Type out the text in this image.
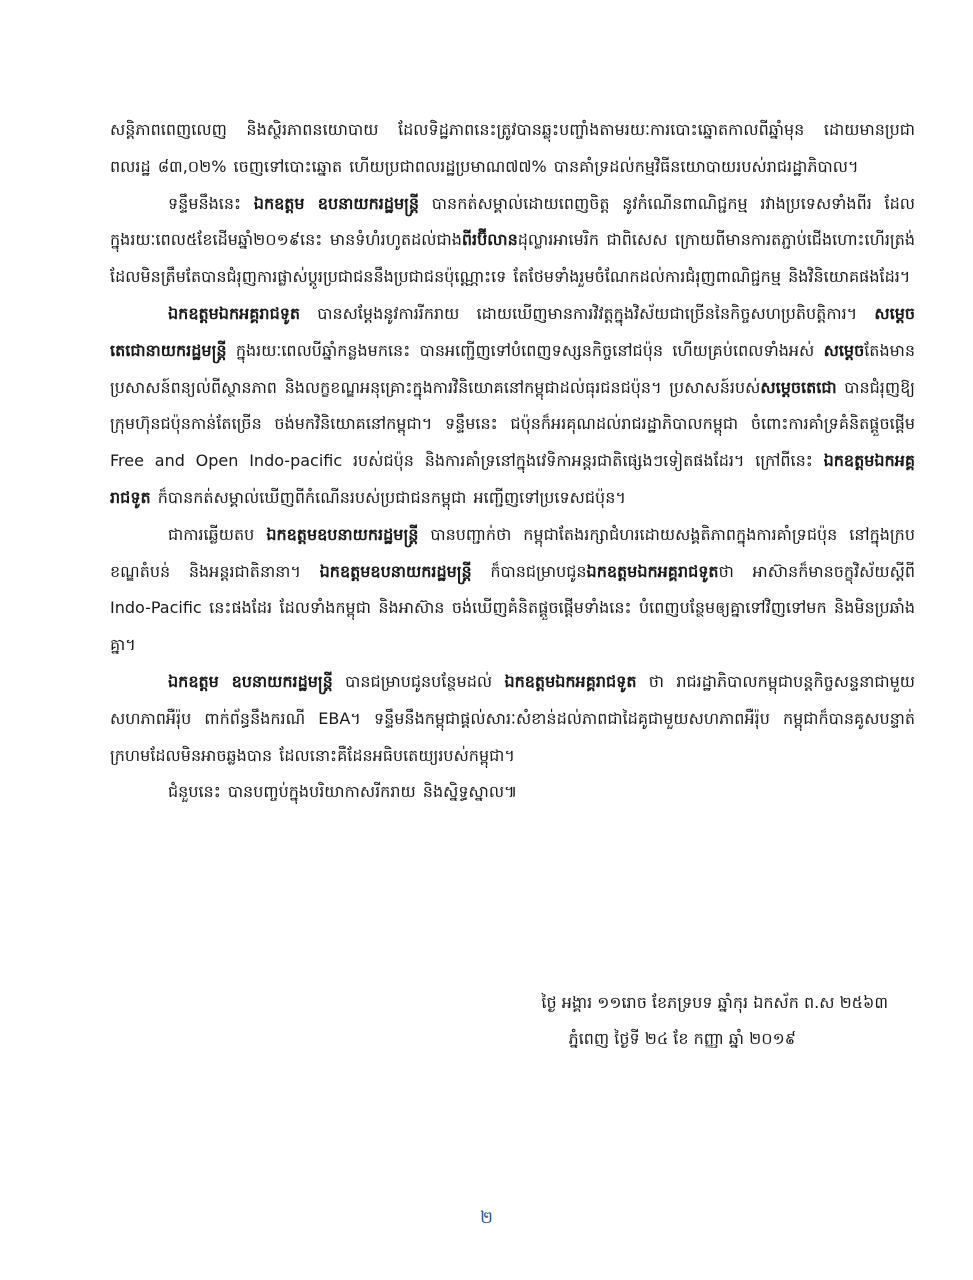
សន្តិភាពពេញលេញ និងស្ថិរភាពនយោបាយ ដែលទិដ្ឋភាពនេះត្រូវបានឆ្លុះបញ្ចាំងតាមរយៈការបោះឆ្នោតកាលពីឆ្នាំមុន ដោយមានប្រជាពលរដ្ឋ ៨៣,០២% ចេញទៅបោះឆ្នោត ហើយប្រជាពលរដ្ឋប្រមាណ៧៧% បានគាំទ្រដល់កម្មវិធីនយោបាយរបស់រាជរដ្ឋាភិបាល។

ទន្ទឹមនឹងនេះ ឯកឧត្តម ឧបនាយករដ្ឋមន្រ្តី បានកត់សម្គាល់ដោយពេញចិត្ត នូវកំណើនពាណិជ្ជកម្ម រវាងប្រទេសទាំងពីរ ដែលក្នុងរយៈពេល៥ខែដើមឆ្នាំ២០១៩នេះ មានទំហំរហូតដល់ជាងពីរប៊ីលានដុល្លារអាមេរិក ជាពិសេស ក្រោយពីមានការតភ្ជាប់ជើងហោះហើរត្រង់ ដែលមិនត្រឹមតែបានជំរុញការផ្លាស់ប្តូរប្រជាជននឹងប្រជាជនប៉ុណ្ណោះទេ តែថែមទាំងរួមចំណែកដល់ការជំរុញពាណិជ្ជកម្ម និងវិនិយោគផងដែរ។

ឯកឧត្តមឯកអគ្គរាជទូត បានសម្តែងនូវការរីករាយ ដោយឃើញមានការវិវត្តក្នុងវិស័យជាច្រើននៃកិច្ចសហប្រតិបត្តិការ។ សម្តេចតេជោនាយករដ្ឋមន្ត្រី ក្នុងរយៈពេលបីឆ្នាំកន្លងមកនេះ បានអញ្ជើញទៅបំពេញទស្សនកិច្ចនៅជប៉ុន ហើយគ្រប់ពេលទាំងអស់ សម្តេចតែងមានប្រសាសន៍ពន្យល់ពីស្ថានភាព និងលក្ខខណ្ឌអនុគ្រោះក្នុងការវិនិយោគនៅកម្ពុជាដល់ធុរជនជប៉ុន។ ប្រសាសន៍របស់សម្តេចតេជោ បានជំរុញឱ្យក្រុមហ៊ុនជប៉ុនកាន់តែច្រើន ចង់មកវិនិយោគនៅកម្ពុជា។ ទន្ទឹមនេះ ជប៉ុនក៏អរគុណដល់រាជរដ្ឋាភិបាលកម្ពុជា ចំពោះការគាំទ្រគំនិតផ្តួចផ្តើម Free and Open Indo-pacific របស់ជប៉ុន និងការគាំទ្រនៅក្នុងវេទិកាអន្តរជាតិផ្សេងៗទៀតផងដែរ។ ក្រៅពីនេះ ឯកឧត្តមឯកអគ្គរាជទូត ក៏បានកត់សម្គាល់ឃើញពីកំណើនរបស់ប្រជាជនកម្ពុជា អញ្ជើញទៅប្រទេសជប៉ុន។

ជាការឆ្លើយតប ឯកឧត្តមឧបនាយករដ្ឋមន្ត្រី បានបញ្ជាក់ថា កម្ពុជាតែងរក្សាជំហរដោយសង្គតិភាពក្នុងការគាំទ្រជប៉ុន នៅក្នុងក្របខណ្ឌតំបន់ និងអន្តរជាតិនានា។ ឯកឧត្តមឧបនាយករដ្ឋមន្ត្រី ក៏បានជម្រាបជូនឯកឧត្តមឯកអគ្គរាជទូតថា អាស៊ានក៏មានចក្ខុវិស័យស្តីពី Indo-Pacific នេះផងដែរ ដែលទាំងកម្ពុជា និងអាស៊ាន ចង់ឃើញគំនិតផ្តួចផ្តើមទាំងនេះ បំពេញបន្ថែមឲ្យគ្នាទៅវិញទៅមក និងមិនប្រឆាំងគ្នា។

ឯកឧត្តម ឧបនាយករដ្ឋមន្ត្រី បានជម្រាបជូនបន្ថែមដល់ ឯកឧត្តមឯកអគ្គរាជទូត ថា រាជរដ្ឋាភិបាលកម្ពុជាបន្តកិច្ចសន្ទនាជាមួយសហភាពអឺរ៉ុប ពាក់ព័ន្ធនឹងករណី EBA។ ទន្ទឹមនឹងកម្ពុជាផ្តល់សារៈសំខាន់ដល់ភាពជាដៃគូជាមួយសហភាពអឺរ៉ុប កម្ពុជាក៏បានគូសបន្ទាត់ក្រហមដែលមិនអាចឆ្លងបាន ដែលនោះគឺដែនអធិបតេយ្យរបស់កម្ពុជា។

ជំនួបនេះ បានបញ្ចប់ក្នុងបរិយាកាសរីករាយ និងស្និទ្ធស្នាល៕

ថ្ងៃ អង្គារ ១១រោច ខែភទ្របទ ឆ្នាំកុរ ឯកស័ក ព.ស ២៥៦៣
ភ្នំពេញ ថ្ងៃទី ២៤ ខែ កញ្ញា ឆ្នាំ ២០១៩
២
